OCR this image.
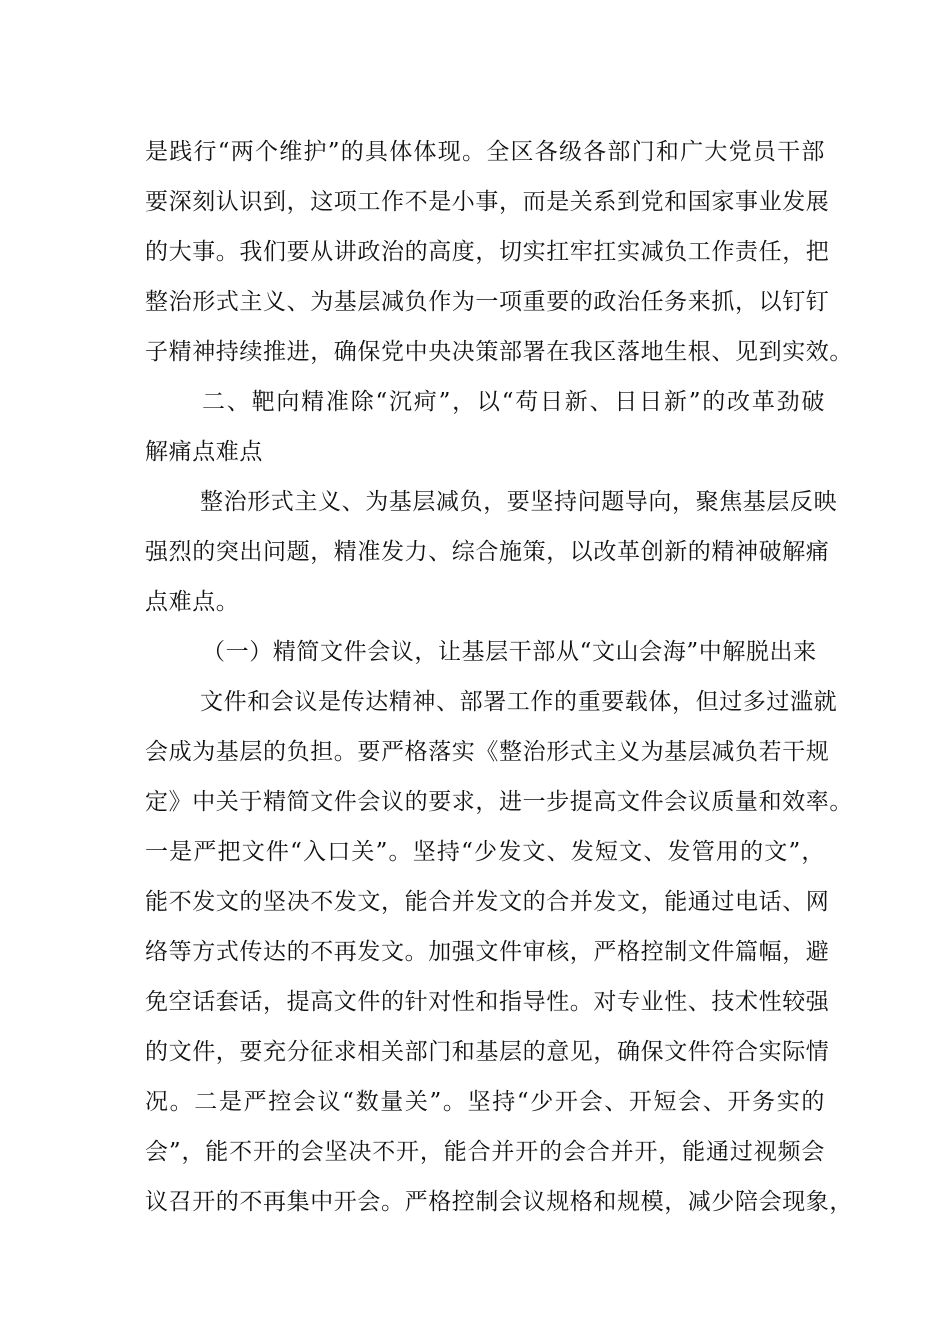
是践行“两个维护”的具体体现。全区各级各部门和广大党员干部
要深刻认识到，这项工作不是小事，而是关系到党和国家事业发展
的大事。我们要从讲政治的高度，切实扛牢扛实减负工作责任，把
整治形式主义、为基层减负作为一项重要的政治任务来抓，以钉钉
子精神持续推进，确保党中央决策部署在我区落地生根、见到实效。
二、靶向精准除“沉疴”，以“苟日新、日日新”的改革劲破
解痛点难点
整治形式主义、为基层减负，要坚持问题导向，聚焦基层反映
强烈的突出问题，精准发力、综合施策，以改革创新的精神破解痛
点难点。
（一）精简文件会议，让基层干部从“文山会海”中解脱出来
文件和会议是传达精神、部署工作的重要载体，但过多过滥就
会成为基层的负担。要严格落实《整治形式主义为基层减负若干规
定》中关于精简文件会议的要求，进一步提高文件会议质量和效率。
一是严把文件“入口关”。坚持“少发文、发短文、发管用的文”，
能不发文的坚决不发文，能合并发文的合并发文，能通过电话、网
络等方式传达的不再发文。加强文件审核，严格控制文件篇幅，避
免空话套话，提高文件的针对性和指导性。对专业性、技术性较强
的文件，要充分征求相关部门和基层的意见，确保文件符合实际情
况。二是严控会议“数量关”。坚持“少开会、开短会、开务实的
会”，能不开的会坚决不开，能合并开的会合并开，能通过视频会
议召开的不再集中开会。严格控制会议规格和规模，减少陪会现象，
